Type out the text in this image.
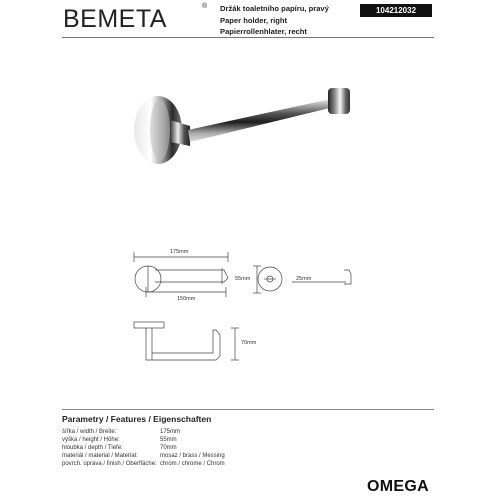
BEMETA	® Držák toaletního papíru, pravý
Paper holder, right
Papierrollenhlater, recht
104212032
175mm
150mm
55mm	25mm
70mm
Parametry / Features / Eigenschaften
šířka / width / Breite:	175mm
výška / height / Höhe:	55mm
hloubka / depth / Tiefe:	70mm
materiál / material / Material:	mosaz / brass / Messing
povrch. úprava / finish / Oberfläche: chrom / chrome / Chrom
OMEGA
